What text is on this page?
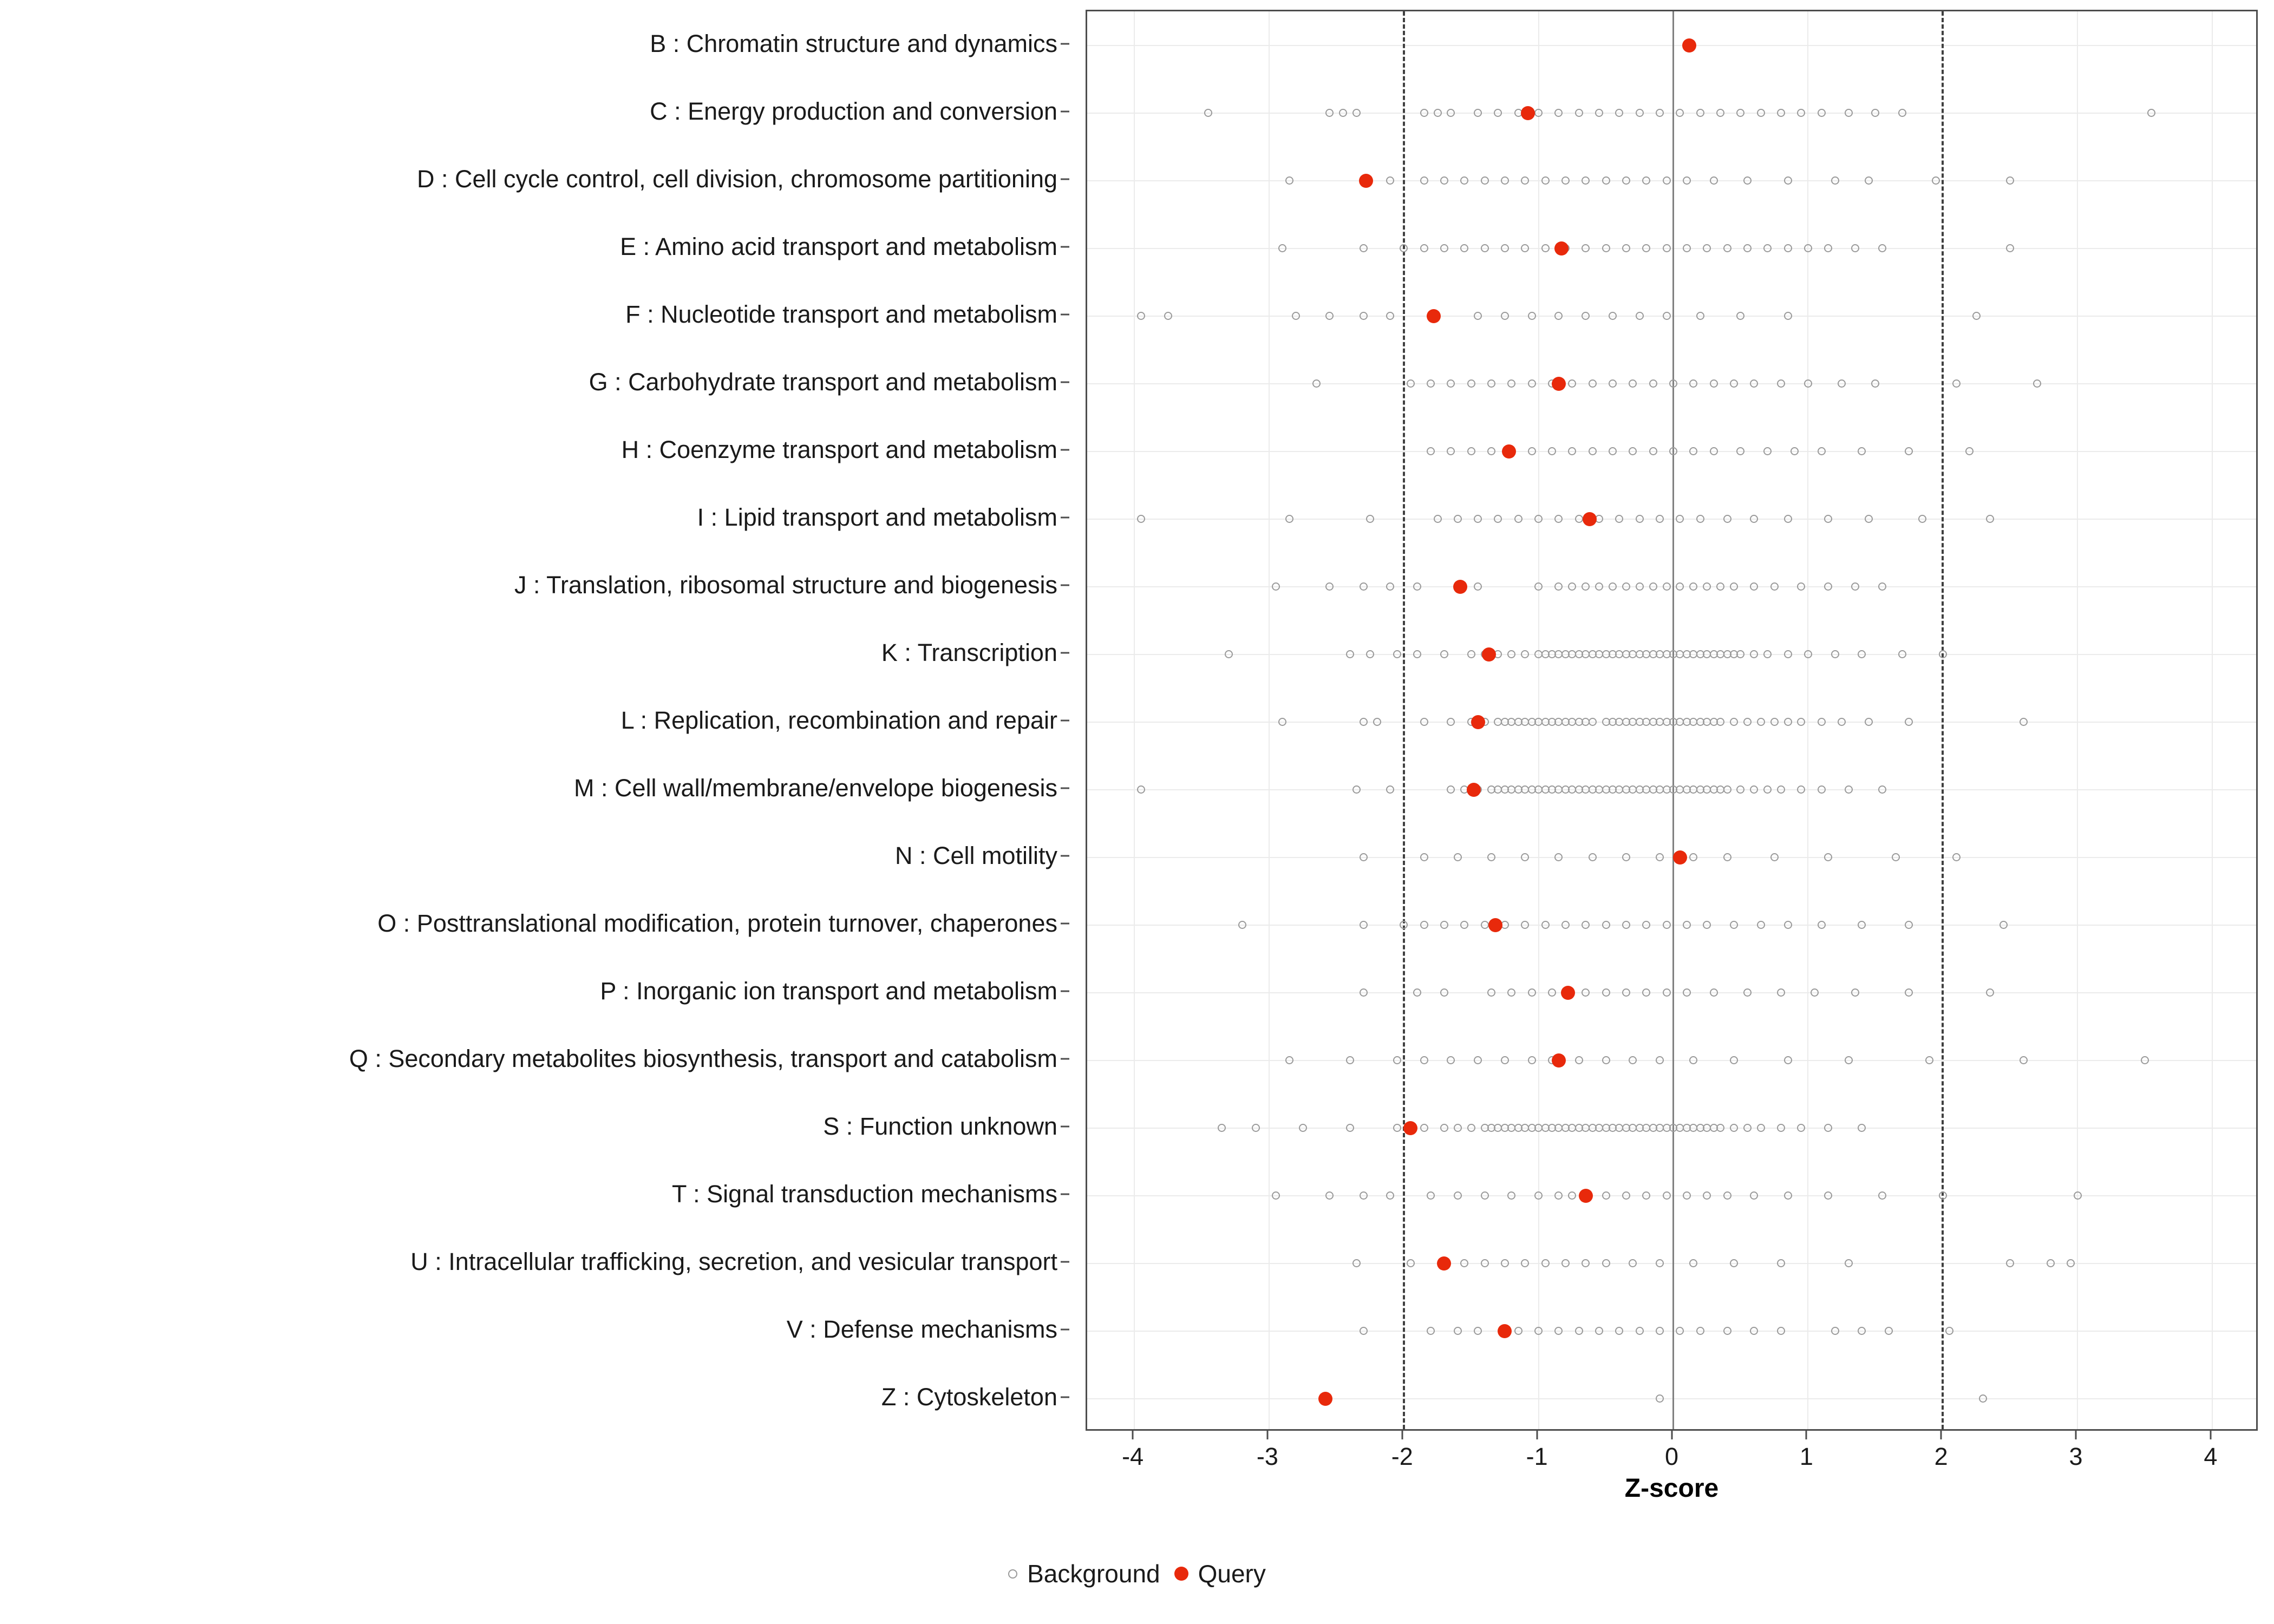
B : Chromatin structure and dynamics
C : Energy production and conversion
D : Cell cycle control, cell division, chromosome partitioning
E : Amino acid transport and metabolism
F : Nucleotide transport and metabolism
G : Carbohydrate transport and metabolism
H : Coenzyme transport and metabolism
I : Lipid transport and metabolism
J : Translation, ribosomal structure and biogenesis
K : Transcription
L : Replication, recombination and repair
M : Cell wall/membrane/envelope biogenesis
N : Cell motility
O : Posttranslational modification, protein turnover, chaperones
P : Inorganic ion transport and metabolism
Q : Secondary metabolites biosynthesis, transport and catabolism
S : Function unknown
T : Signal transduction mechanisms
U : Intracellular trafficking, secretion, and vesicular transport
V : Defense mechanisms
Z : Cytoskeleton
-4	-3	-2	-1	0	1	2	3	4
Z-score
Background Query
